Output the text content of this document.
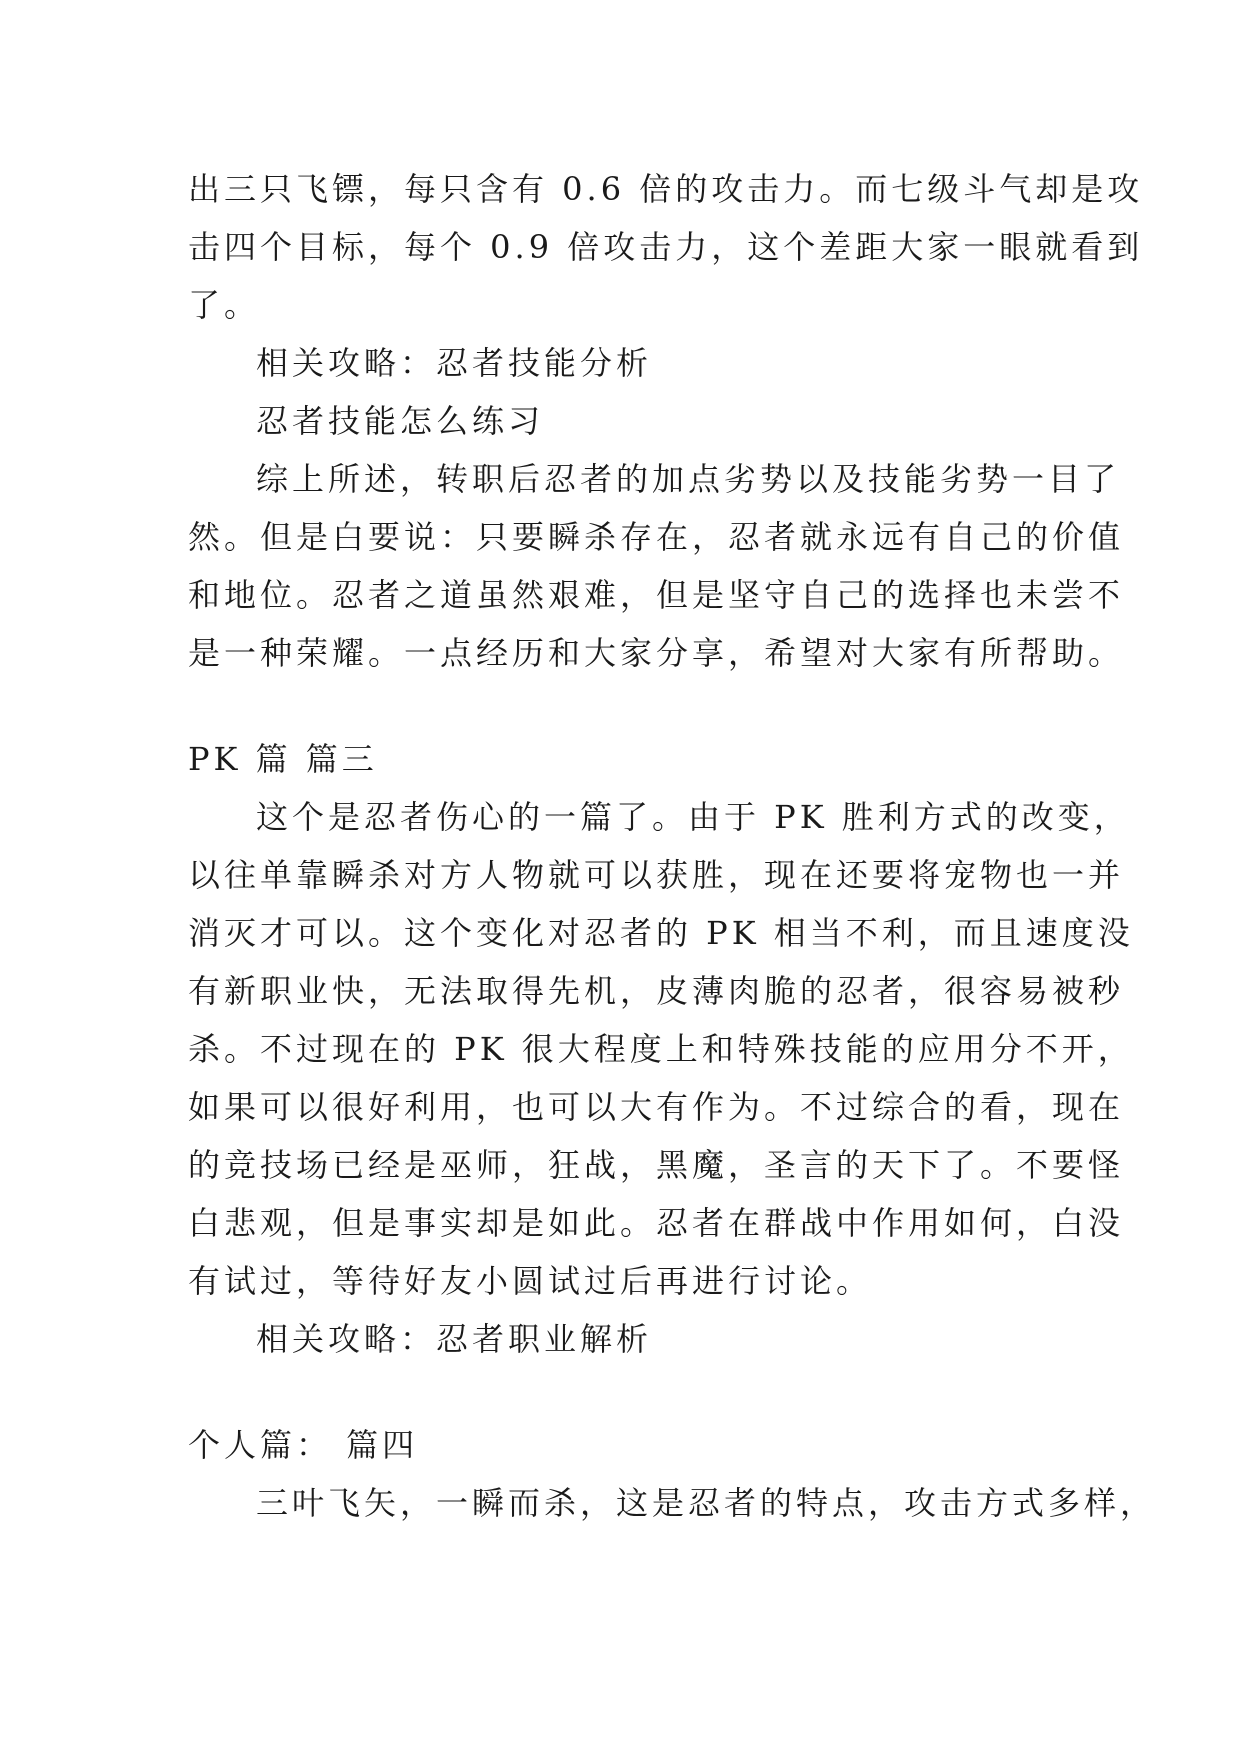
出三只飞镖，每只含有 0.6 倍的攻击力。而七级斗气却是攻

击四个目标，每个 0.9 倍攻击力，这个差距大家一眼就看到

了。

相关攻略：忍者技能分析

忍者技能怎么练习

综上所述，转职后忍者的加点劣势以及技能劣势一目了

然。但是白要说：只要瞬杀存在，忍者就永远有自己的价值

和地位。忍者之道虽然艰难，但是坚守自己的选择也未尝不

是一种荣耀。一点经历和大家分享，希望对大家有所帮助。

PK 篇 篇三

这个是忍者伤心的一篇了。由于 PK 胜利方式的改变，

以往单靠瞬杀对方人物就可以获胜，现在还要将宠物也一并

消灭才可以。这个变化对忍者的 PK 相当不利，而且速度没

有新职业快，无法取得先机，皮薄肉脆的忍者，很容易被秒

杀。不过现在的 PK 很大程度上和特殊技能的应用分不开，

如果可以很好利用，也可以大有作为。不过综合的看，现在

的竞技场已经是巫师，狂战，黑魔，圣言的天下了。不要怪

白悲观，但是事实却是如此。忍者在群战中作用如何，白没

有试过，等待好友小圆试过后再进行讨论。

相关攻略：忍者职业解析

个人篇： 篇四

三叶飞矢，一瞬而杀，这是忍者的特点，攻击方式多样，
